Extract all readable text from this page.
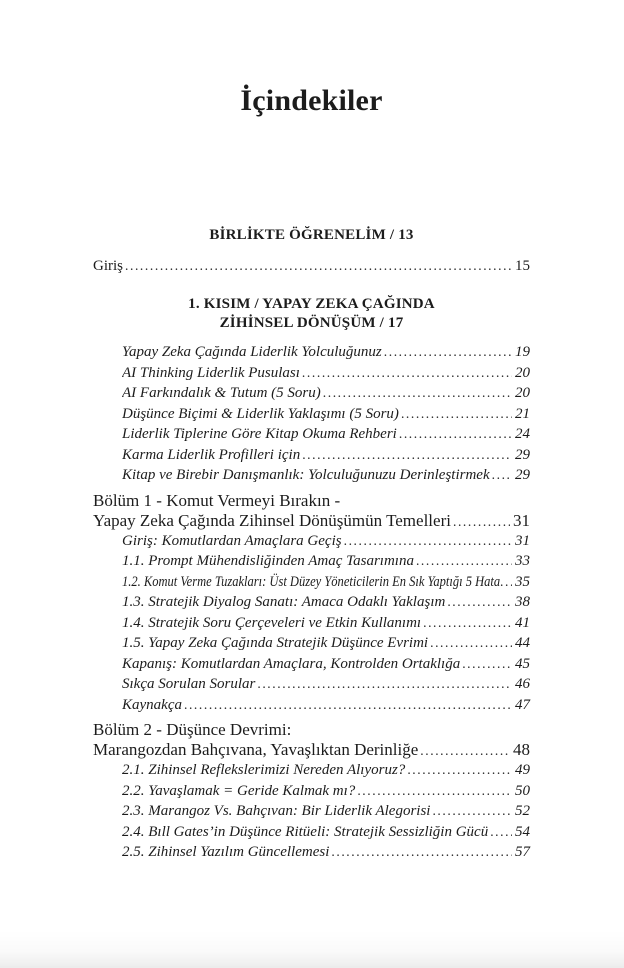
İçindekiler
BİRLİKTE ÖĞRENELİM / 13
Giriş .....	15
1. KISIM / YAPAY ZEKA ÇAĞINDA
ZİHİNSEL DÖNÜŞÜM / 17
Yapay Zeka Çağında Liderlik Yolculuğunuz .....	19
AI Thinking Liderlik Pusulası .....	20
AI Farkındalık & Tutum (5 Soru) .....	20
Düşünce Biçimi & Liderlik Yaklaşımı (5 Soru) .....	21
Liderlik Tiplerine Göre Kitap Okuma Rehberi .....	24
Karma Liderlik Profilleri için .....	29
Kitap ve Birebir Danışmanlık: Yolculuğunuzu Derinleştirmek ..... 29
Bölüm 1 - Komut Vermeyi Bırakın -
Yapay Zeka Çağında Zihinsel Dönüşümün Temelleri .....	31
Giriş: Komutlardan Amaçlara Geçiş .....	31
1.1. Prompt Mühendisliğinden Amaç Tasarımına .....	33
1.2. Komut Verme Tuzakları: Üst Düzey Yöneticilerin En Sık Yaptığı 5 Hata ..... 35
1.3. Stratejik Diyalog Sanatı: Amaca Odaklı Yaklaşım .....	38
1.4. Stratejik Soru Çerçeveleri ve Etkin Kullanımı .....	41
1.5. Yapay Zeka Çağında Stratejik Düşünce Evrimi .....	44
Kapanış: Komutlardan Amaçlara, Kontrolden Ortaklığa .....	45
Sıkça Sorulan Sorular .....	46
Kaynakça .....	47
Bölüm 2 - Düşünce Devrimi:
Marangozdan Bahçıvana, Yavaşlıktan Derinliğe .....	48
2.1. Zihinsel Reflekslerimizi Nereden Alıyoruz? .....	49
2.2. Yavaşlamak = Geride Kalmak mı? .....	50
2.3. Marangoz Vs. Bahçıvan: Bir Liderlik Alegorisi .....	52
2.4. Bıll Gates’in Düşünce Ritüeli: Stratejik Sessizliğin Gücü ..... 54
2.5. Zihinsel Yazılım Güncellemesi .....	57
